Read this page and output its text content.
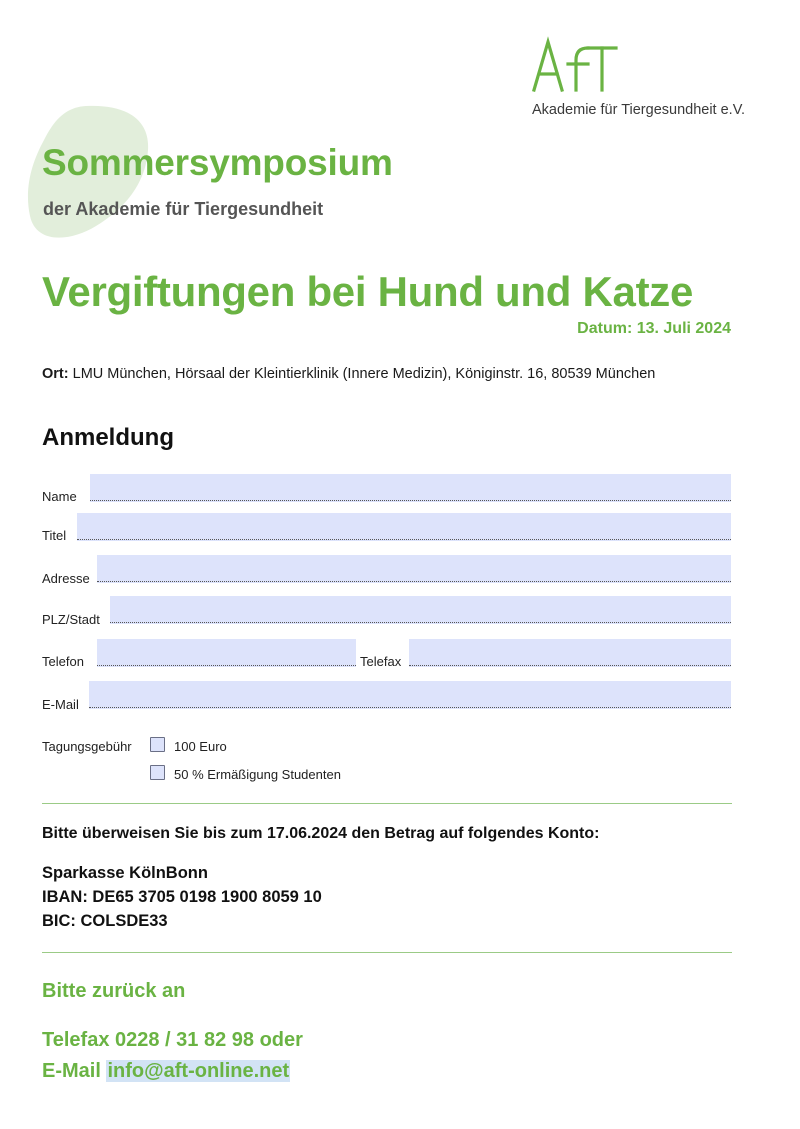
Akademie für Tiergesundheit e.V.
Sommersymposium
der Akademie für Tiergesundheit
Vergiftungen bei Hund und Katze
Datum: 13. Juli 2024
Ort: LMU München, Hörsaal der Kleintierklinik (Innere Medizin), Königinstr. 16, 80539 München
Anmeldung
Name
Titel
Adresse
PLZ/Stadt
Telefon	Telefax
E-Mail
Tagungsgebühr	100 Euro
50 % Ermäßigung Studenten
Bitte überweisen Sie bis zum 17.06.2024 den Betrag auf folgendes Konto:
Sparkasse KölnBonn
IBAN: DE65 3705 0198 1900 8059 10
BIC: COLSDE33
Bitte zurück an
Telefax 0228 / 31 82 98 oder
E-Mail info@aft-online.net
